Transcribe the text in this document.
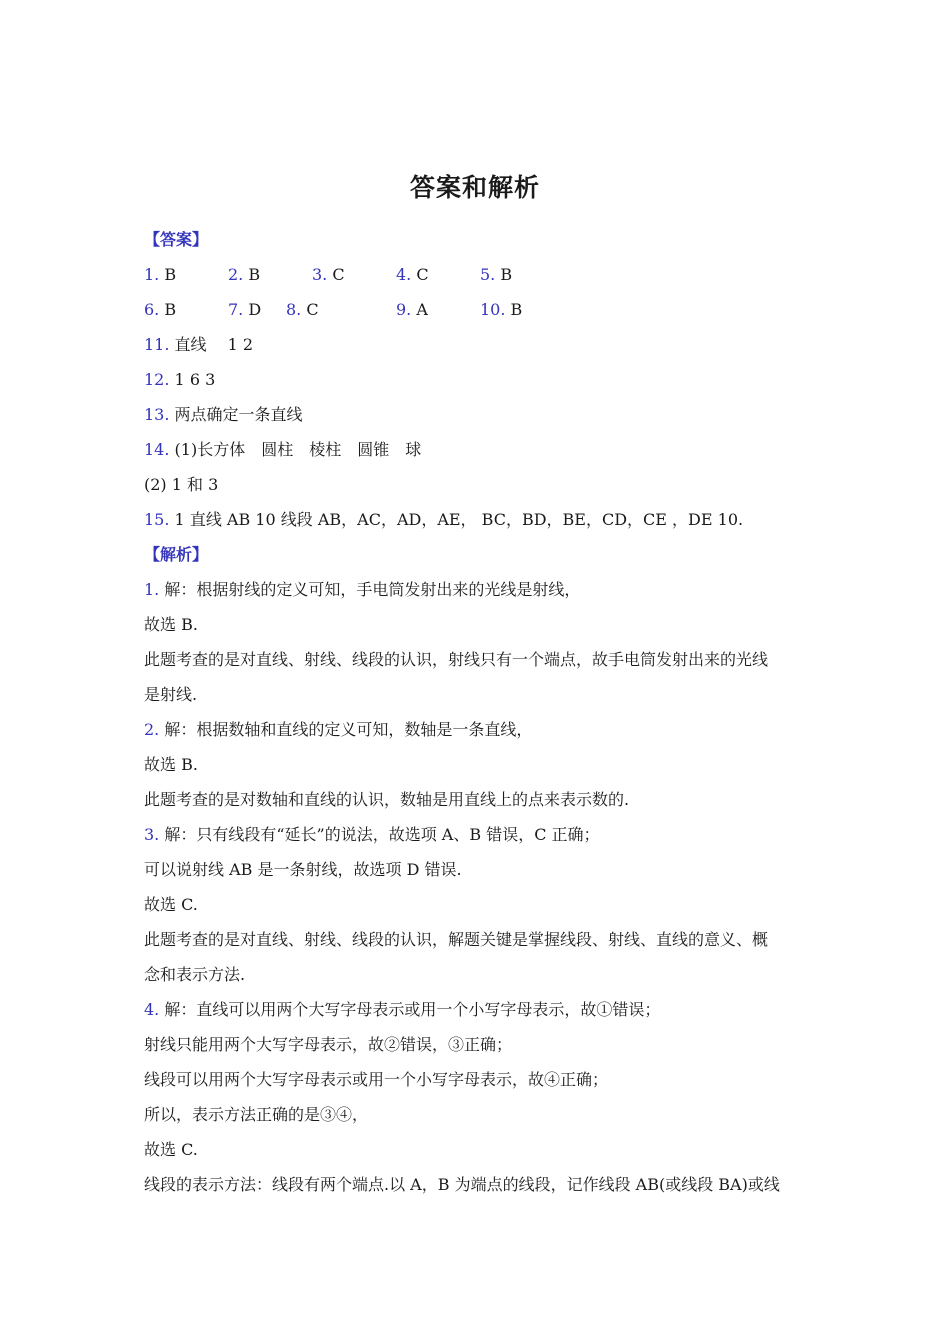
答案和解析
【答案】
1. B	2. B	3. C	4. C	5. B
6. B	7. D 8. C	9. A	10. B
11. 直线　 1 2
12. 1 6 3
13. 两点确定一条直线
14. (1)长方体　圆柱　棱柱　圆锥　球
(2) 1 和 3
15. 1 直线 AB 10 线段 AB，AC，AD，AE， BC，BD，BE，CD，CE ，DE 10.
【解析】
1. 解：根据射线的定义可知，手电筒发射出来的光线是射线，
故选 B.
此题考查的是对直线、射线、线段的认识，射线只有一个端点，故手电筒发射出来的光线
是射线.
2. 解：根据数轴和直线的定义可知，数轴是一条直线，
故选 B.
此题考查的是对数轴和直线的认识，数轴是用直线上的点来表示数的.
3. 解：只有线段有“延长”的说法，故选项 A、B 错误，C 正确；
可以说射线 AB 是一条射线，故选项 D 错误.
故选 C.
此题考查的是对直线、射线、线段的认识，解题关键是掌握线段、射线、直线的意义、概
念和表示方法.
4. 解：直线可以用两个大写字母表示或用一个小写字母表示，故①错误；
射线只能用两个大写字母表示，故②错误，③正确；
线段可以用两个大写字母表示或用一个小写字母表示，故④正确；
所以，表示方法正确的是③④，
故选 C.
线段的表示方法：线段有两个端点.以 A，B 为端点的线段，记作线段 AB(或线段 BA)或线
